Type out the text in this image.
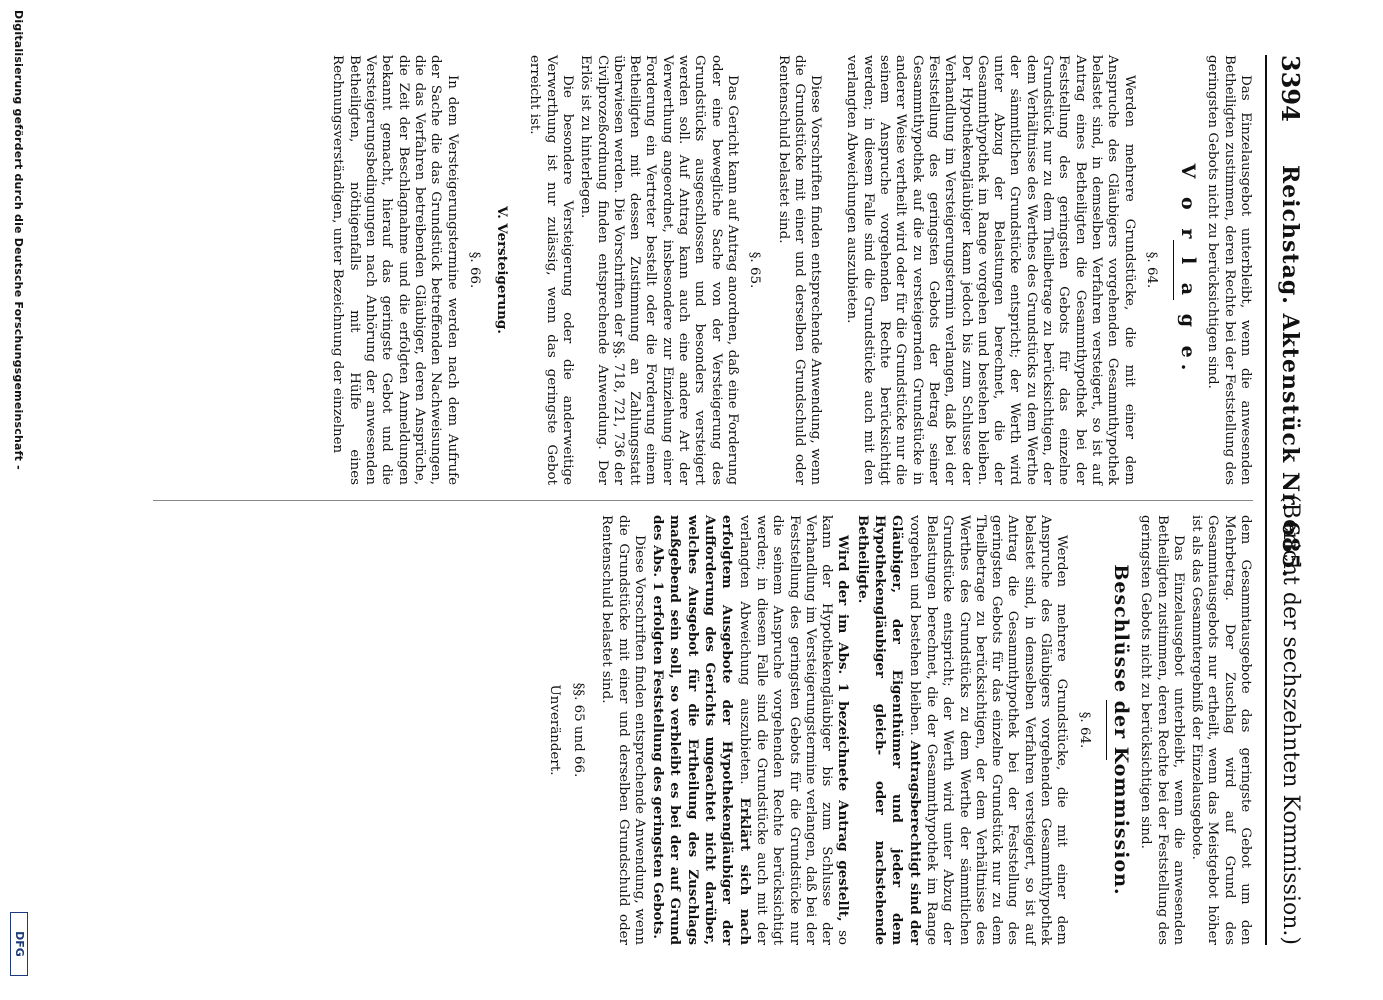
3394
Reichstag. Aktenstück Nr. 685.
(Bericht der sechszehnten Kommission.)

Das Einzelausgebot unterbleibt, wenn die anwesenden Betheiligten zustimmen, deren Rechte bei der Feststellung des geringsten Gebots nicht zu berücksichtigen sind.

V o r l a g e.
§. 64.

Werden mehrere Grundstücke, die mit einer dem Anspruche des Gläubigers vorgehenden Gesammthypothek belastet sind, in demselben Verfahren versteigert, so ist auf Antrag eines Betheiligten die Gesammthypothek bei der Feststellung des geringsten Gebots für das einzelne Grundstück nur zu dem Theilbetrage zu berücksichtigen, der dem Verhältnisse des Werthes des Grundstücks zu dem Werthe der sämmtlichen Grundstücke entspricht; der Werth wird unter Abzug der Belastungen berechnet, die der Gesammthypothek im Range vorgehen und bestehen bleiben. Der Hypothekengläubiger kann jedoch bis zum Schlusse der Verhandlung im Versteigerungstermin verlangen, daß bei der Feststellung des geringsten Gebots der Betrag seiner Gesammthypothek auf die zu versteigernden Grundstücke in anderer Weise vertheilt wird oder für die Grundstücke nur die seinem Anspruche vorgehenden Rechte berücksichtigt werden; in diesem Falle sind die Grundstücke auch mit den verlangten Abweichungen auszubieten.

Diese Vorschriften finden entsprechende Anwendung, wenn die Grundstücke mit einer und derselben Grundschuld oder Rentenschuld belastet sind.

§. 65.

Das Gericht kann auf Antrag anordnen, daß eine Forderung oder eine bewegliche Sache von der Versteigerung des Grundstücks ausgeschlossen und besonders versteigert werden soll. Auf Antrag kann auch eine andere Art der Verwerthung angeordnet, insbesondere zur Einziehung einer Forderung ein Vertreter bestellt oder die Forderung einem Betheiligten mit dessen Zustimmung an Zahlungsstatt überwiesen werden. Die Vorschriften der §§. 718, 721, 736 der Civilprozeßordnung finden entsprechende Anwendung. Der Erlös ist zu hinterlegen.

Die besondere Versteigerung oder die anderweitige Verwerthung ist nur zulässig, wenn das geringste Gebot erreicht ist.

V. Versteigerung.
§. 66.

In dem Versteigerungstermine werden nach dem Aufrufe der Sache die das Grundstück betreffenden Nachweisungen, die das Verfahren betreibenden Gläubiger, deren Ansprüche, die Zeit der Beschlagnahme und die erfolgten Anmeldungen bekannt gemacht, hierauf das geringste Gebot und die Versteigerungsbedingungen nach Anhörung der anwesenden Betheiligten, nöthigenfalls mit Hülfe eines Rechnungsverständigen, unter Bezeichnung der einzelnen

dem Gesammtausgebote das geringste Gebot um den Mehrbetrag. Der Zuschlag wird auf Grund des Gesammtausgebots nur ertheilt, wenn das Meistgebot höher ist als das Gesammtergebniß der Einzelausgebote.

Das Einzelausgebot unterbleibt, wenn die anwesenden Betheiligten zustimmen, deren Rechte bei der Feststellung des geringsten Gebots nicht zu berücksichtigen sind.

Beschlüsse der Kommission.
§. 64.

Werden mehrere Grundstücke, die mit einer dem Anspruche des Gläubigers vorgehenden Gesammthypothek belastet sind, in demselben Verfahren versteigert, so ist auf Antrag die Gesammthypothek bei der Feststellung des geringsten Gebots für das einzelne Grundstück nur zu dem Theilbetrage zu berücksichtigen, der dem Verhältnisse des Werthes des Grundstücks zu dem Werthe der sämmtlichen Grundstücke entspricht; der Werth wird unter Abzug der Belastungen berechnet, die der Gesammthypothek im Range vorgehen und bestehen bleiben. Antragsberechtigt sind der Gläubiger, der Eigenthümer und jeder dem Hypothekengläubiger gleich- oder nachstehende Betheiligte.

Wird der im Abs. 1 bezeichnete Antrag gestellt, so kann der Hypothekengläubiger bis zum Schlusse der Verhandlung im Versteigerungstermine verlangen, daß bei der Feststellung des geringsten Gebots für die Grundstücke nur die seinem Anspruche vorgehenden Rechte berücksichtigt werden; in diesem Falle sind die Grundstücke auch mit der verlangten Abweichung auszubieten. Erklärt sich nach erfolgtem Ausgebote der Hypothekengläubiger der Aufforderung des Gerichts ungeachtet nicht darüber, welches Ausgebot für die Ertheilung des Zuschlags maßgebend sein soll, so verbleibt es bei der auf Grund des Abs. 1 erfolgten Feststellung des geringsten Gebots.

Diese Vorschriften finden entsprechende Anwendung, wenn die Grundstücke mit einer und derselben Grundschuld oder Rentenschuld belastet sind.

§§. 65 und 66.
Unverändert.
Digitalisierung gefördert durch die Deutsche Forschungsgemeinschaft -
DFG
